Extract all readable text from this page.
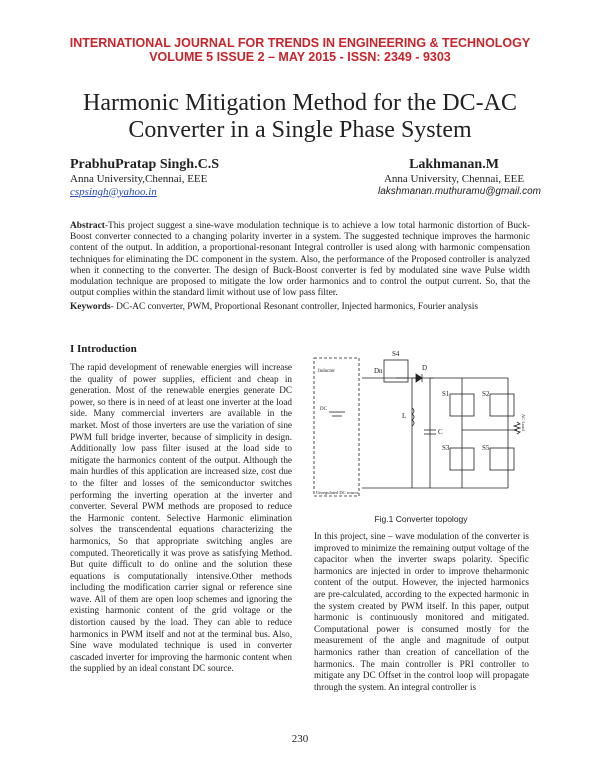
INTERNATIONAL JOURNAL FOR TRENDS IN ENGINEERING & TECHNOLOGY
VOLUME 5 ISSUE 2 – MAY 2015 - ISSN: 2349 - 9303
Harmonic Mitigation Method for the DC-AC
Converter in a Single Phase System
PrabhuPratap Singh.C.S
Anna University,Chennai, EEE
cspsingh@yahoo.in
Lakhmanan.M
Anna University, Chennai, EEE
lakshmanan.muthuramu@gmail.com
Abstract-This project suggest a sine-wave modulation technique is to achieve a low total harmonic distortion of Buck-Boost converter connected to a changing polarity inverter in a system. The suggested technique improves the harmonic content of the output. In addition, a proportional-resonant Integral controller is used along with harmonic compensation techniques for eliminating the DC component in the system. Also, the performance of the Proposed controller is analyzed when it connecting to the converter. The design of Buck-Boost converter is fed by modulated sine wave Pulse width modulation technique are proposed to mitigate the low order harmonics and to control the output current. So, that the output complies within the standard limit without use of low pass filter.
Keywords- DC-AC converter, PWM, Proportional Resonant controller, Injected harmonics, Fourier analysis
I Introduction
The rapid development of renewable energies will increase the quality of power supplies, efficient and cheap in generation. Most of the renewable energies generate DC power, so there is in need of at least one inverter at the load side. Many commercial inverters are available in the market. Most of those inverters are use the variation of sine PWM full bridge inverter, because of simplicity in design. Additionally low pass filter isused at the load side to mitigate the harmonics content of the output. Although the main hurdles of this application are increased size, cost due to the filter and losses of the semiconductor switches performing the inverting operation at the inverter and converter. Several PWM methods are proposed to reduce the Harmonic content. Selective Harmonic elimination solves the transcendental equations characterizing the harmonics, So that appropriate switching angles are computed. Theoretically it was prove as satisfying Method. But quite difficult to do online and the solution these equations is computationally intensive.Other methods including the modification carrier signal or reference sine wave. All of them are open loop schemes and ignoring the existing harmonic content of the grid voltage or the distortion caused by the load. They can able to reduce harmonics in PWM itself and not at the terminal bus. Also, Sine wave modulated technique is used in converter cascaded inverter for improving the harmonic content when the supplied by an ideal constant DC source.
S4
Dn	D
S1	S2
S3	S5
C
L
DC
Inductor
Unregulated DC source
AC Load
Fig.1 Converter topology
In this project, sine – wave modulation of the converter is improved to minimize the remaining output voltage of the capacitor when the inverter swaps polarity. Specific harmonics are injected in order to improve theharmonic content of the output. However, the injected harmonics are pre-calculated, according to the expected harmonic in the system created by PWM itself. In this paper, output harmonic is continuously monitored and mitigated. Computational power is consumed mostly for the measurement of the angle and magnitude of output harmonics rather than creation of cancellation of the harmonics. The main controller is PRI controller to mitigate any DC Offset in the control loop will propagate through the system. An integral controller is
230
